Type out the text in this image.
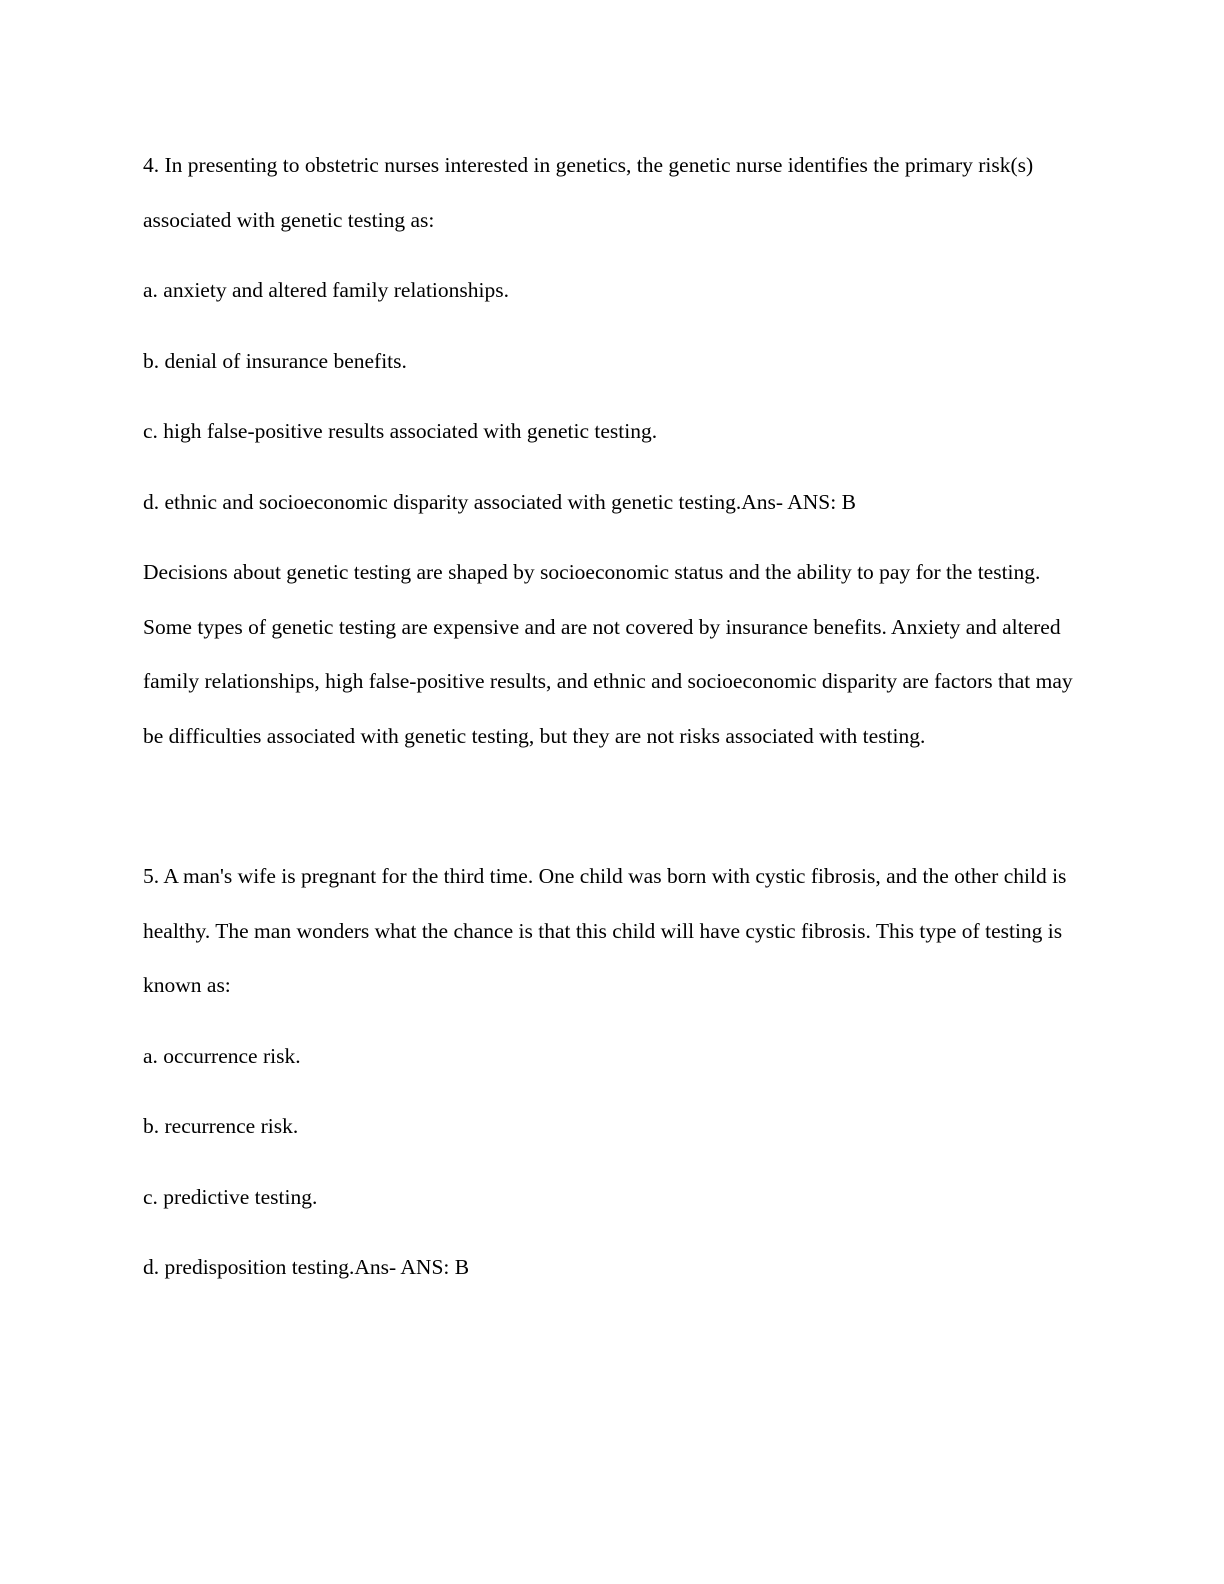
4. In presenting to obstetric nurses interested in genetics, the genetic nurse identifies the primary risk(s) associated with genetic testing as:

a. anxiety and altered family relationships.

b. denial of insurance benefits.

c. high false-positive results associated with genetic testing.

d. ethnic and socioeconomic disparity associated with genetic testing.Ans- ANS: B

Decisions about genetic testing are shaped by socioeconomic status and the ability to pay for the testing. Some types of genetic testing are expensive and are not covered by insurance benefits. Anxiety and altered family relationships, high false-positive results, and ethnic and socioeconomic disparity are factors that may be difficulties associated with genetic testing, but they are not risks associated with testing.

5. A man's wife is pregnant for the third time. One child was born with cystic fibrosis, and the other child is healthy. The man wonders what the chance is that this child will have cystic fibrosis. This type of testing is known as:

a. occurrence risk.

b. recurrence risk.

c. predictive testing.

d. predisposition testing.Ans- ANS: B
